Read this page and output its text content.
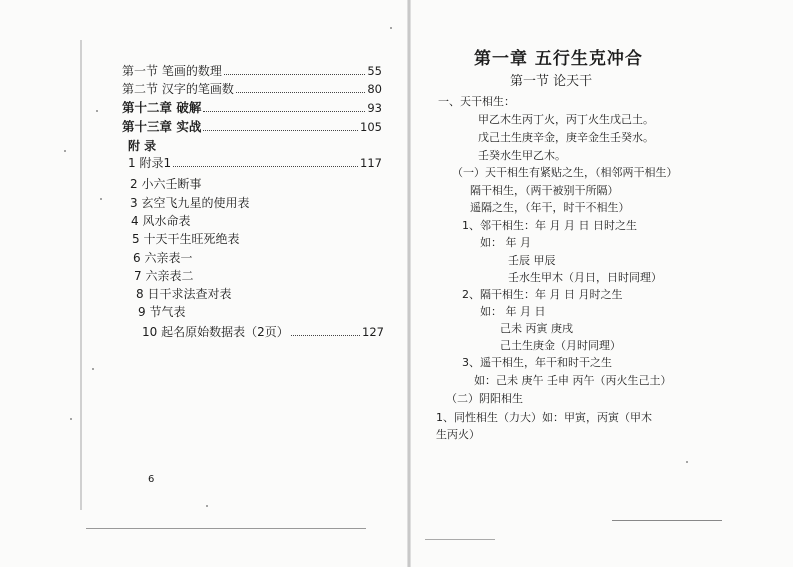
第一节 笔画的数理	55
第二节 汉字的笔画数	80
第十二章 破解	93
第十三章 实战	105
附 录
1 附录1	117
2 小六壬断事
3 玄空飞九星的使用表
4 风水命表
5 十天干生旺死绝表
6 六亲表一
7 六亲表二
8 日干求法查对表
9 节气表
10 起名原始数据表（2页）	127
6
第一章 五行生克冲合
第一节 论天干
一、天干相生：
甲乙木生丙丁火，丙丁火生戊己土。
戊己土生庚辛金，庚辛金生壬癸水。
壬癸水生甲乙木。
（一）天干相生有紧贴之生，（相邻两干相生）
隔干相生，（两干被别干所隔）
遥隔之生，（年干，时干不相生）
1、邻干相生：年 月 月 日 日时之生
如： 年 月
壬辰 甲辰
壬水生甲木（月日，日时同理）
2、隔干相生：年 月 日 月时之生
如： 年 月 日
己未 丙寅 庚戌
己土生庚金（月时同理）
3、遥干相生，年干和时干之生
如：己未 庚午 壬申 丙午（丙火生己土）
（二）阴阳相生
1、同性相生（力大）如：甲寅，丙寅（甲木
生丙火）
